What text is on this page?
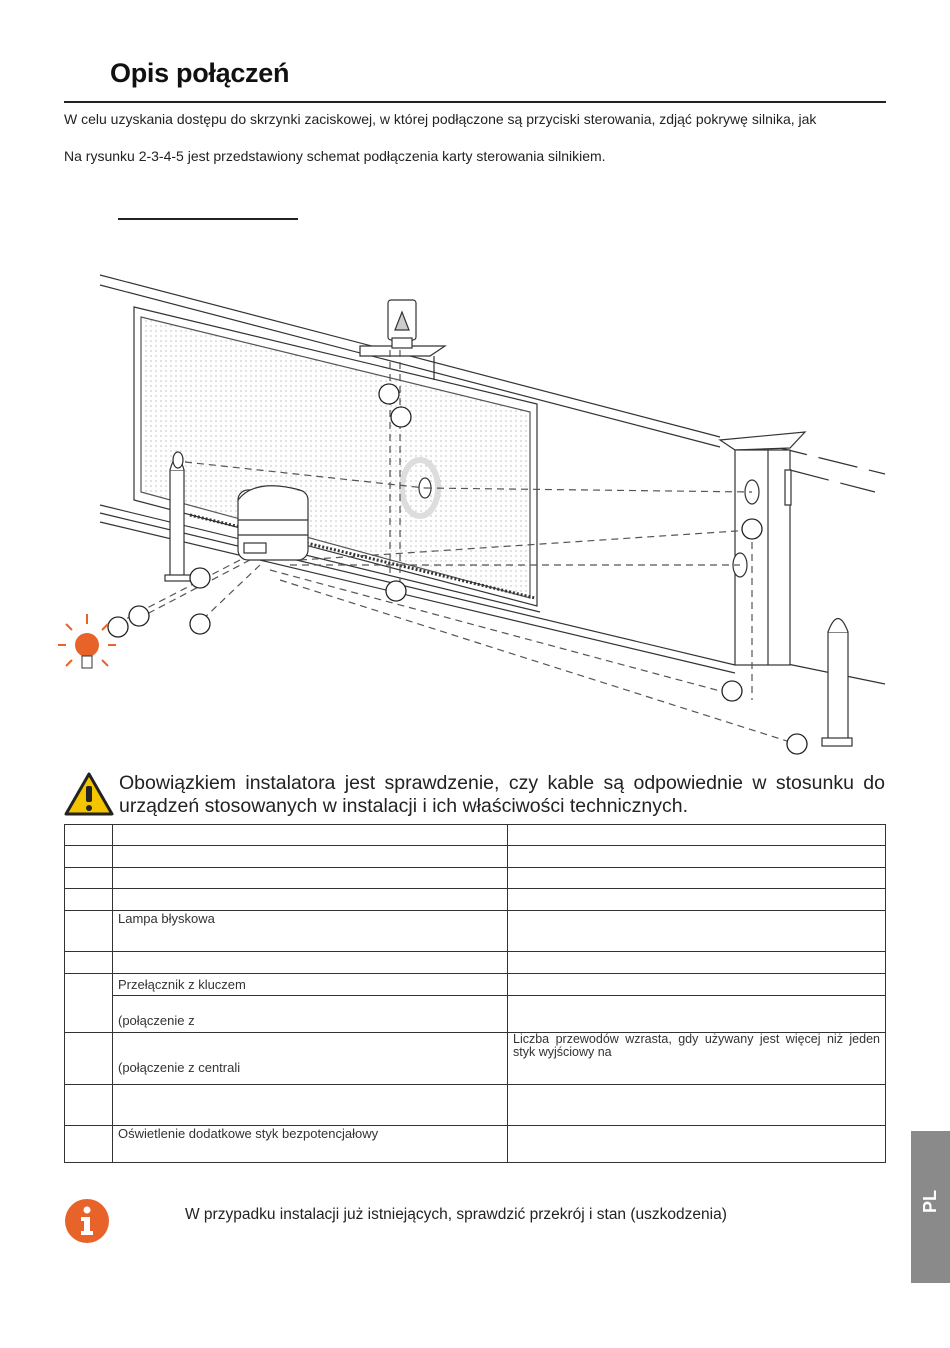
Opis połączeń
W celu uzyskania dostępu do skrzynki zaciskowej, w której podłączone są przyciski sterowania, zdjąć pokrywę silnika, jak
Na rysunku 2-3-4-5 jest przedstawiony schemat podłączenia karty sterowania silnikiem.
Obowiązkiem instalatora jest sprawdzenie, czy kable są odpowiednie w stosunku do urządzeń stosowanych w instalacji i ich właściwości technicznych.

	Lampa błyskowa	

	Przełącznik z kluczem	
	(połączenie z	
	(połączenie z centrali	Liczba przewodów wzrasta, gdy używany jest więcej niż jeden styk wyjściowy na

	Oświetlenie dodatkowe styk bezpotencjałowy	
W przypadku instalacji już istniejących, sprawdzić przekrój i stan (uszkodzenia)
PL
